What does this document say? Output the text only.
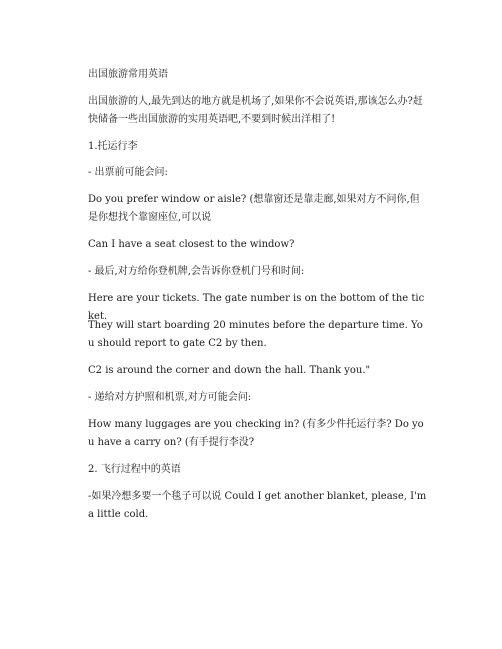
出国旅游常用英语

出国旅游的人,最先到达的地方就是机场了,如果你不会说英语,那该怎么办?赶快储备一些出国旅游的实用英语吧,不要到时候出洋相了!

1.托运行李

- 出票前可能会问:

Do you prefer window or aisle? (想靠窗还是靠走廊,如果对方不问你,但是你想找个靠窗座位,可以说

Can I have a seat closest to the window?

- 最后,对方给你登机牌,会告诉你登机门号和时间:

Here are your tickets. The gate number is on the bottom of the ticket.

They will start boarding 20 minutes before the departure time. You should report to gate C2 by then.

C2 is around the corner and down the hall. Thank you."

- 递给对方护照和机票,对方可能会问:

How many luggages are you checking in? (有多少件托运行李? Do you have a carry on? (有手提行李没?

2. 飞行过程中的英语

-如果冷想多要一个毯子可以说 Could I get another blanket, please, I'm a little cold.
